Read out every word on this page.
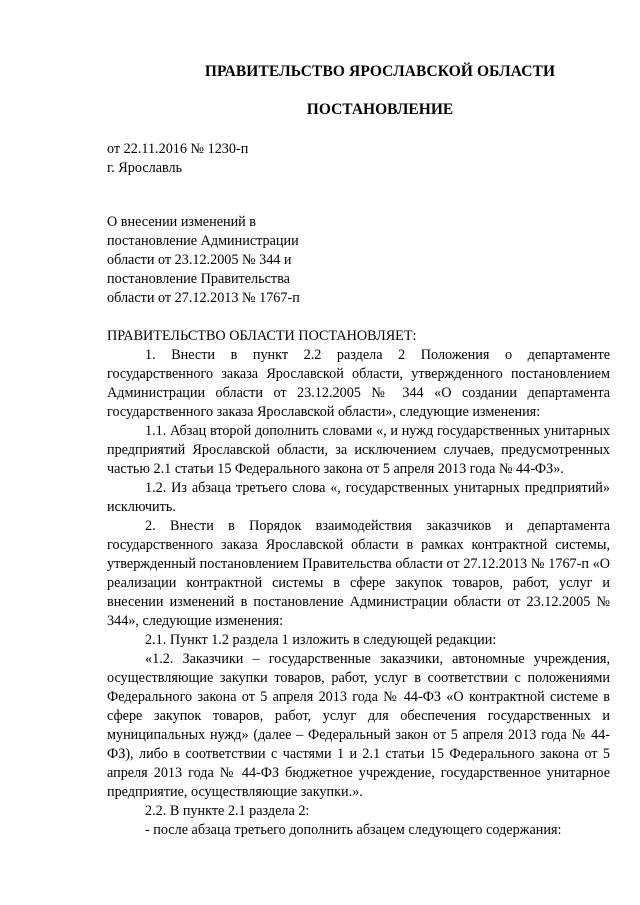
ПРАВИТЕЛЬСТВО ЯРОСЛАВСКОЙ ОБЛАСТИ
ПОСТАНОВЛЕНИЕ
от 22.11.2016 № 1230-п
г. Ярославль
О внесении изменений в
постановление Администрации
области от 23.12.2005 № 344 и
постановление Правительства
области от 27.12.2013 № 1767-п

ПРАВИТЕЛЬСТВО ОБЛАСТИ ПОСТАНОВЛЯЕТ:

1. Внести в пункт 2.2 раздела 2 Положения о департаменте государственного заказа Ярославской области, утвержденного постановлением Администрации области от 23.12.2005 № 344 «О создании департамента государственного заказа Ярославской области», следующие изменения:

1.1. Абзац второй дополнить словами «, и нужд государственных унитарных предприятий Ярославской области, за исключением случаев, предусмотренных частью 2.1 статьи 15 Федерального закона от 5 апреля 2013 года № 44-ФЗ».

1.2. Из абзаца третьего слова «, государственных унитарных предприятий» исключить.

2. Внести в Порядок взаимодействия заказчиков и департамента государственного заказа Ярославской области в рамках контрактной системы, утвержденный постановлением Правительства области от 27.12.2013 № 1767-п «О реализации контрактной системы в сфере закупок товаров, работ, услуг и внесении изменений в постановление Администрации области от 23.12.2005 № 344», следующие изменения:

2.1. Пункт 1.2 раздела 1 изложить в следующей редакции:

«1.2. Заказчики – государственные заказчики, автономные учреждения, осуществляющие закупки товаров, работ, услуг в соответствии с положениями Федерального закона от 5 апреля 2013 года № 44-ФЗ «О контрактной системе в сфере закупок товаров, работ, услуг для обеспечения государственных и муниципальных нужд» (далее – Федеральный закон от 5 апреля 2013 года № 44-ФЗ), либо в соответствии с частями 1 и 2.1 статьи 15 Федерального закона от 5 апреля 2013 года № 44-ФЗ бюджетное учреждение, государственное унитарное предприятие, осуществляющие закупки.».

2.2. В пункте 2.1 раздела 2:

- после абзаца третьего дополнить абзацем следующего содержания:
